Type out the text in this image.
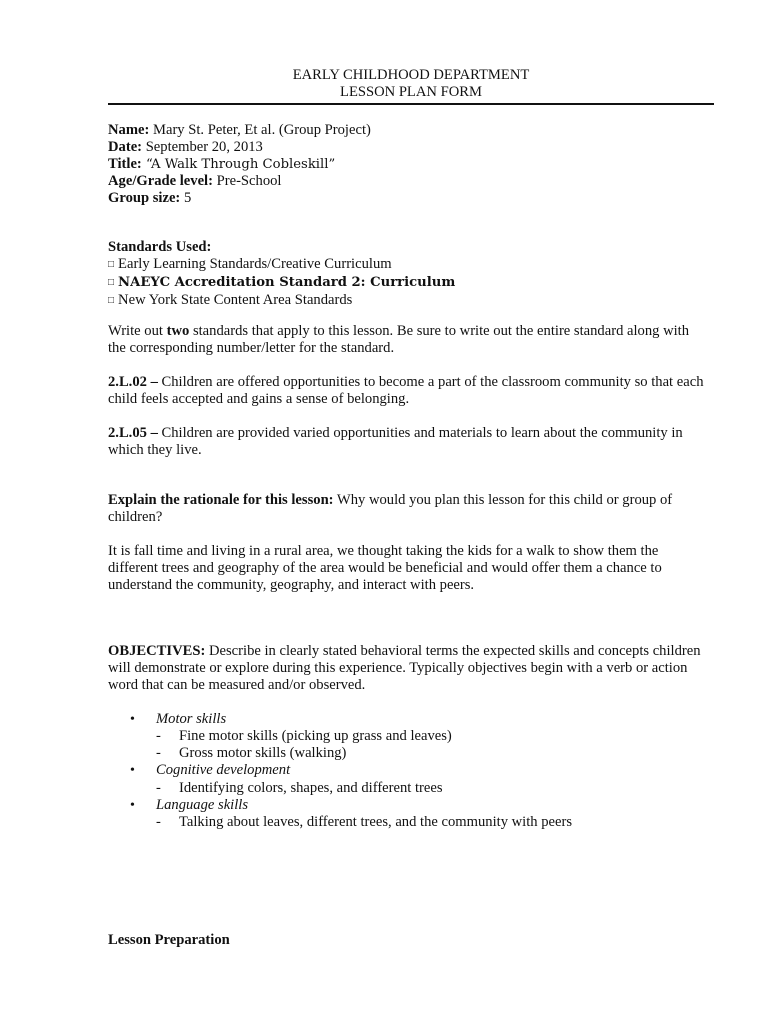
EARLY CHILDHOOD DEPARTMENT
LESSON PLAN FORM
Name: Mary St. Peter, Et al. (Group Project)
Date: September 20, 2013
Title: “A Walk Through Cobleskill”
Age/Grade level: Pre-School
Group size: 5
Standards Used:
□ Early Learning Standards/Creative Curriculum
□ NAEYC Accreditation Standard 2: Curriculum
□ New York State Content Area Standards

Write out two standards that apply to this lesson. Be sure to write out the entire standard along with the corresponding number/letter for the standard.

2.L.02 – Children are offered opportunities to become a part of the classroom community so that each child feels accepted and gains a sense of belonging.

2.L.05 – Children are provided varied opportunities and materials to learn about the community in which they live.

Explain the rationale for this lesson: Why would you plan this lesson for this child or group of children?

It is fall time and living in a rural area, we thought taking the kids for a walk to show them the different trees and geography of the area would be beneficial and would offer them a chance to understand the community, geography, and interact with peers.

OBJECTIVES: Describe in clearly stated behavioral terms the expected skills and concepts children will demonstrate or explore during this experience. Typically objectives begin with a verb or action word that can be measured and/or observed.

• Motor skills
- Fine motor skills (picking up grass and leaves)
- Gross motor skills (walking)
• Cognitive development
- Identifying colors, shapes, and different trees
• Language skills
- Talking about leaves, different trees, and the community with peers
Lesson Preparation
